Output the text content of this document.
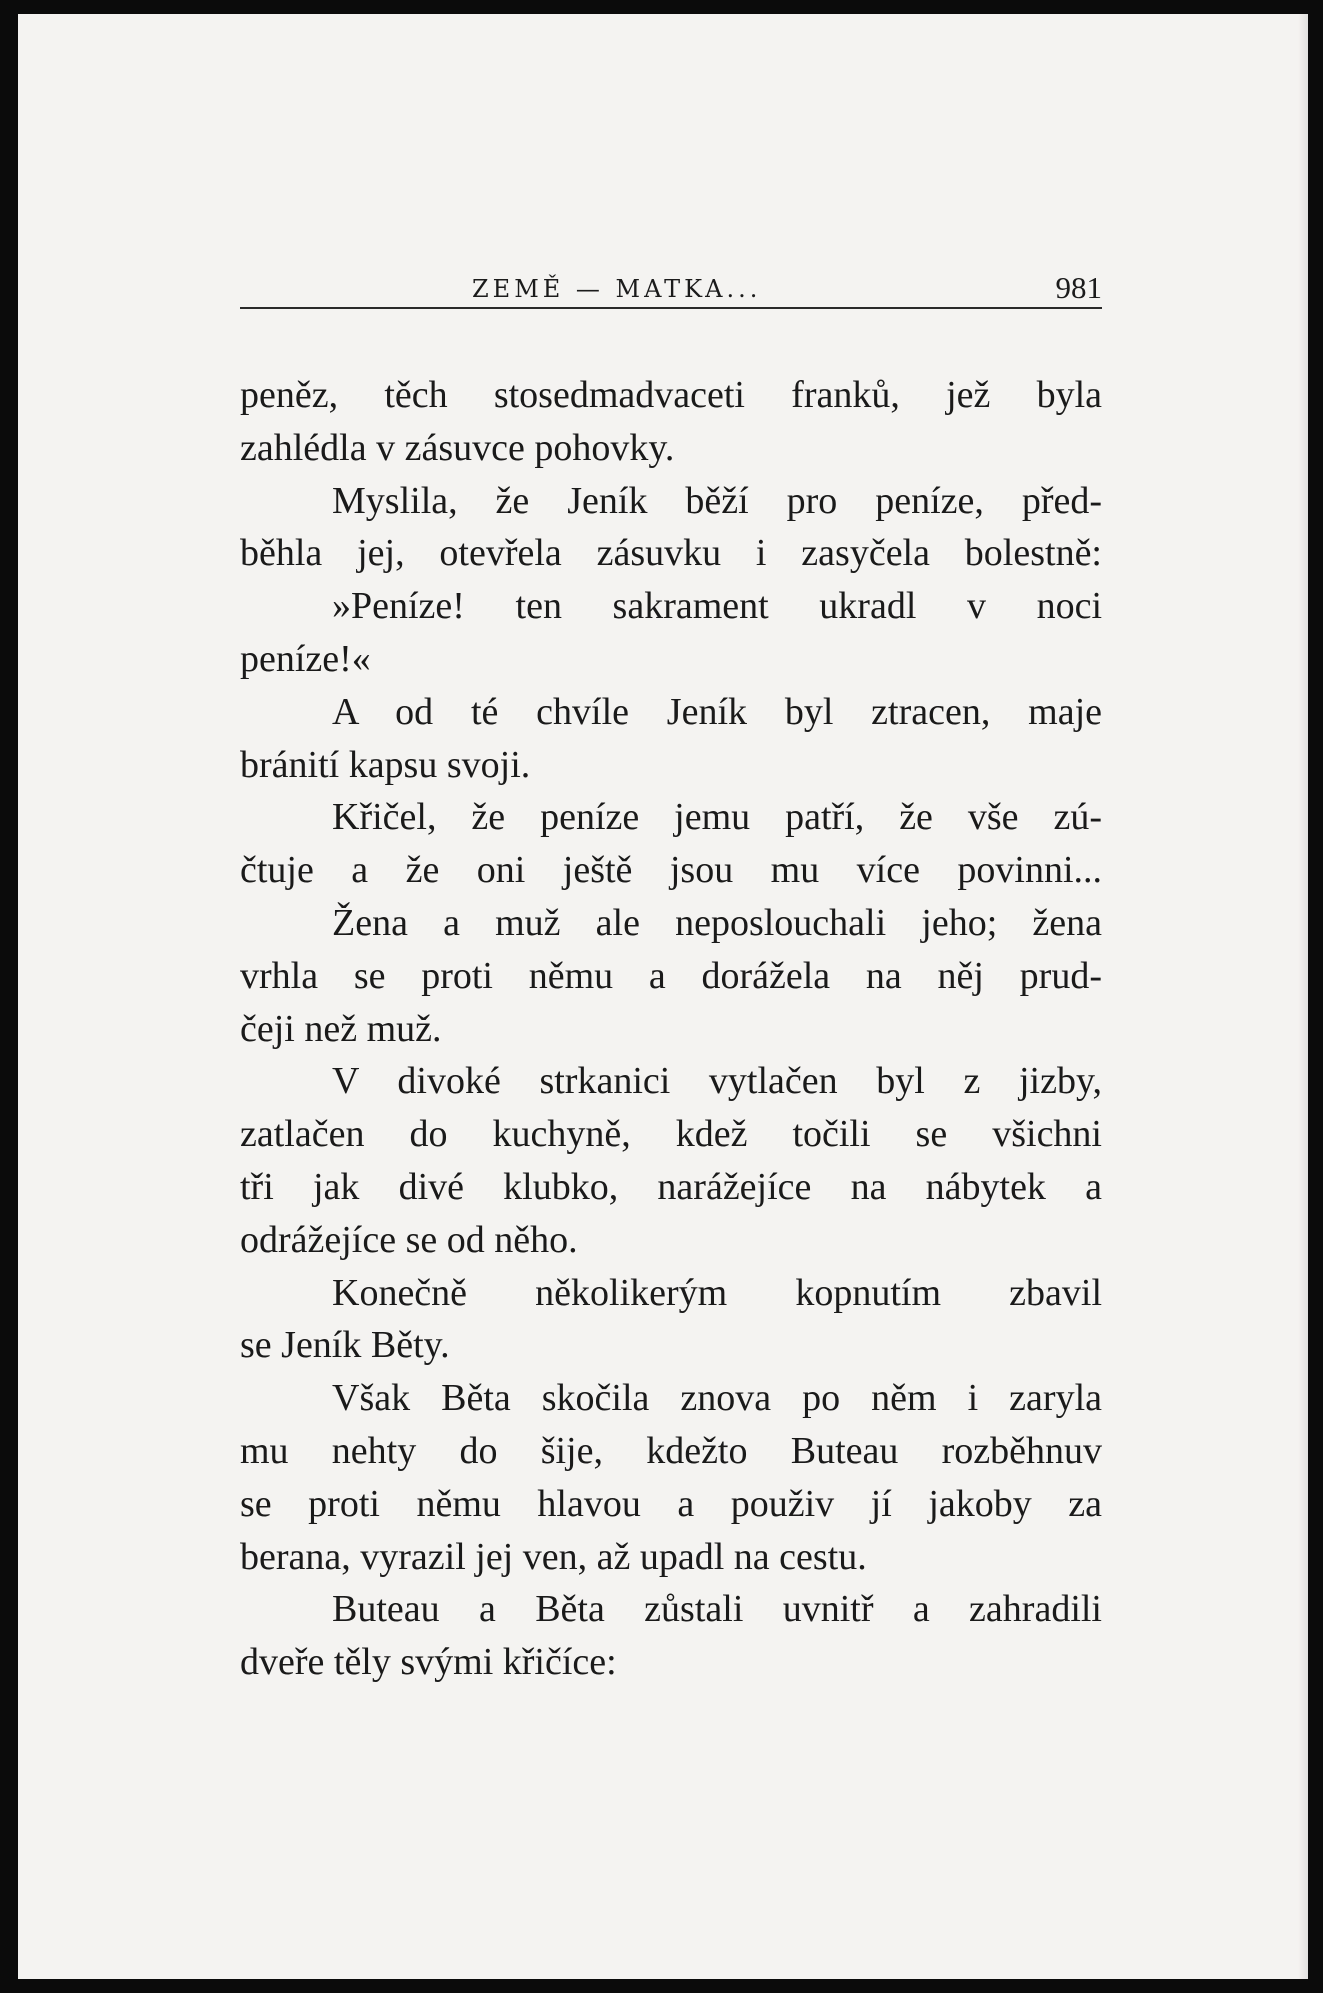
ZEMĚ — MATKA...	981
peněz, těch stosedmadvaceti franků, jež byla
zahlédla v zásuvce pohovky.
Myslila, že Jeník běží pro peníze, před-
běhla jej, otevřela zásuvku i zasyčela bolestně:
»Peníze! ten sakrament ukradl v noci
peníze!«
A od té chvíle Jeník byl ztracen, maje
bránití kapsu svoji.
Křičel, že peníze jemu patří, že vše zú-
čtuje a že oni ještě jsou mu více povinni...
Žena a muž ale neposlouchali jeho; žena
vrhla se proti němu a dorážela na něj prud-
čeji než muž.
V divoké strkanici vytlačen byl z jizby,
zatlačen do kuchyně, kdež točili se všichni
tři jak divé klubko, narážejíce na nábytek a
odrážejíce se od něho.
Konečně několikerým kopnutím zbavil
se Jeník Běty.
Však Běta skočila znova po něm i zaryla
mu nehty do šije, kdežto Buteau rozběhnuv
se proti němu hlavou a použiv jí jakoby za
berana, vyrazil jej ven, až upadl na cestu.
Buteau a Běta zůstali uvnitř a zahradili
dveře těly svými křičíce:
